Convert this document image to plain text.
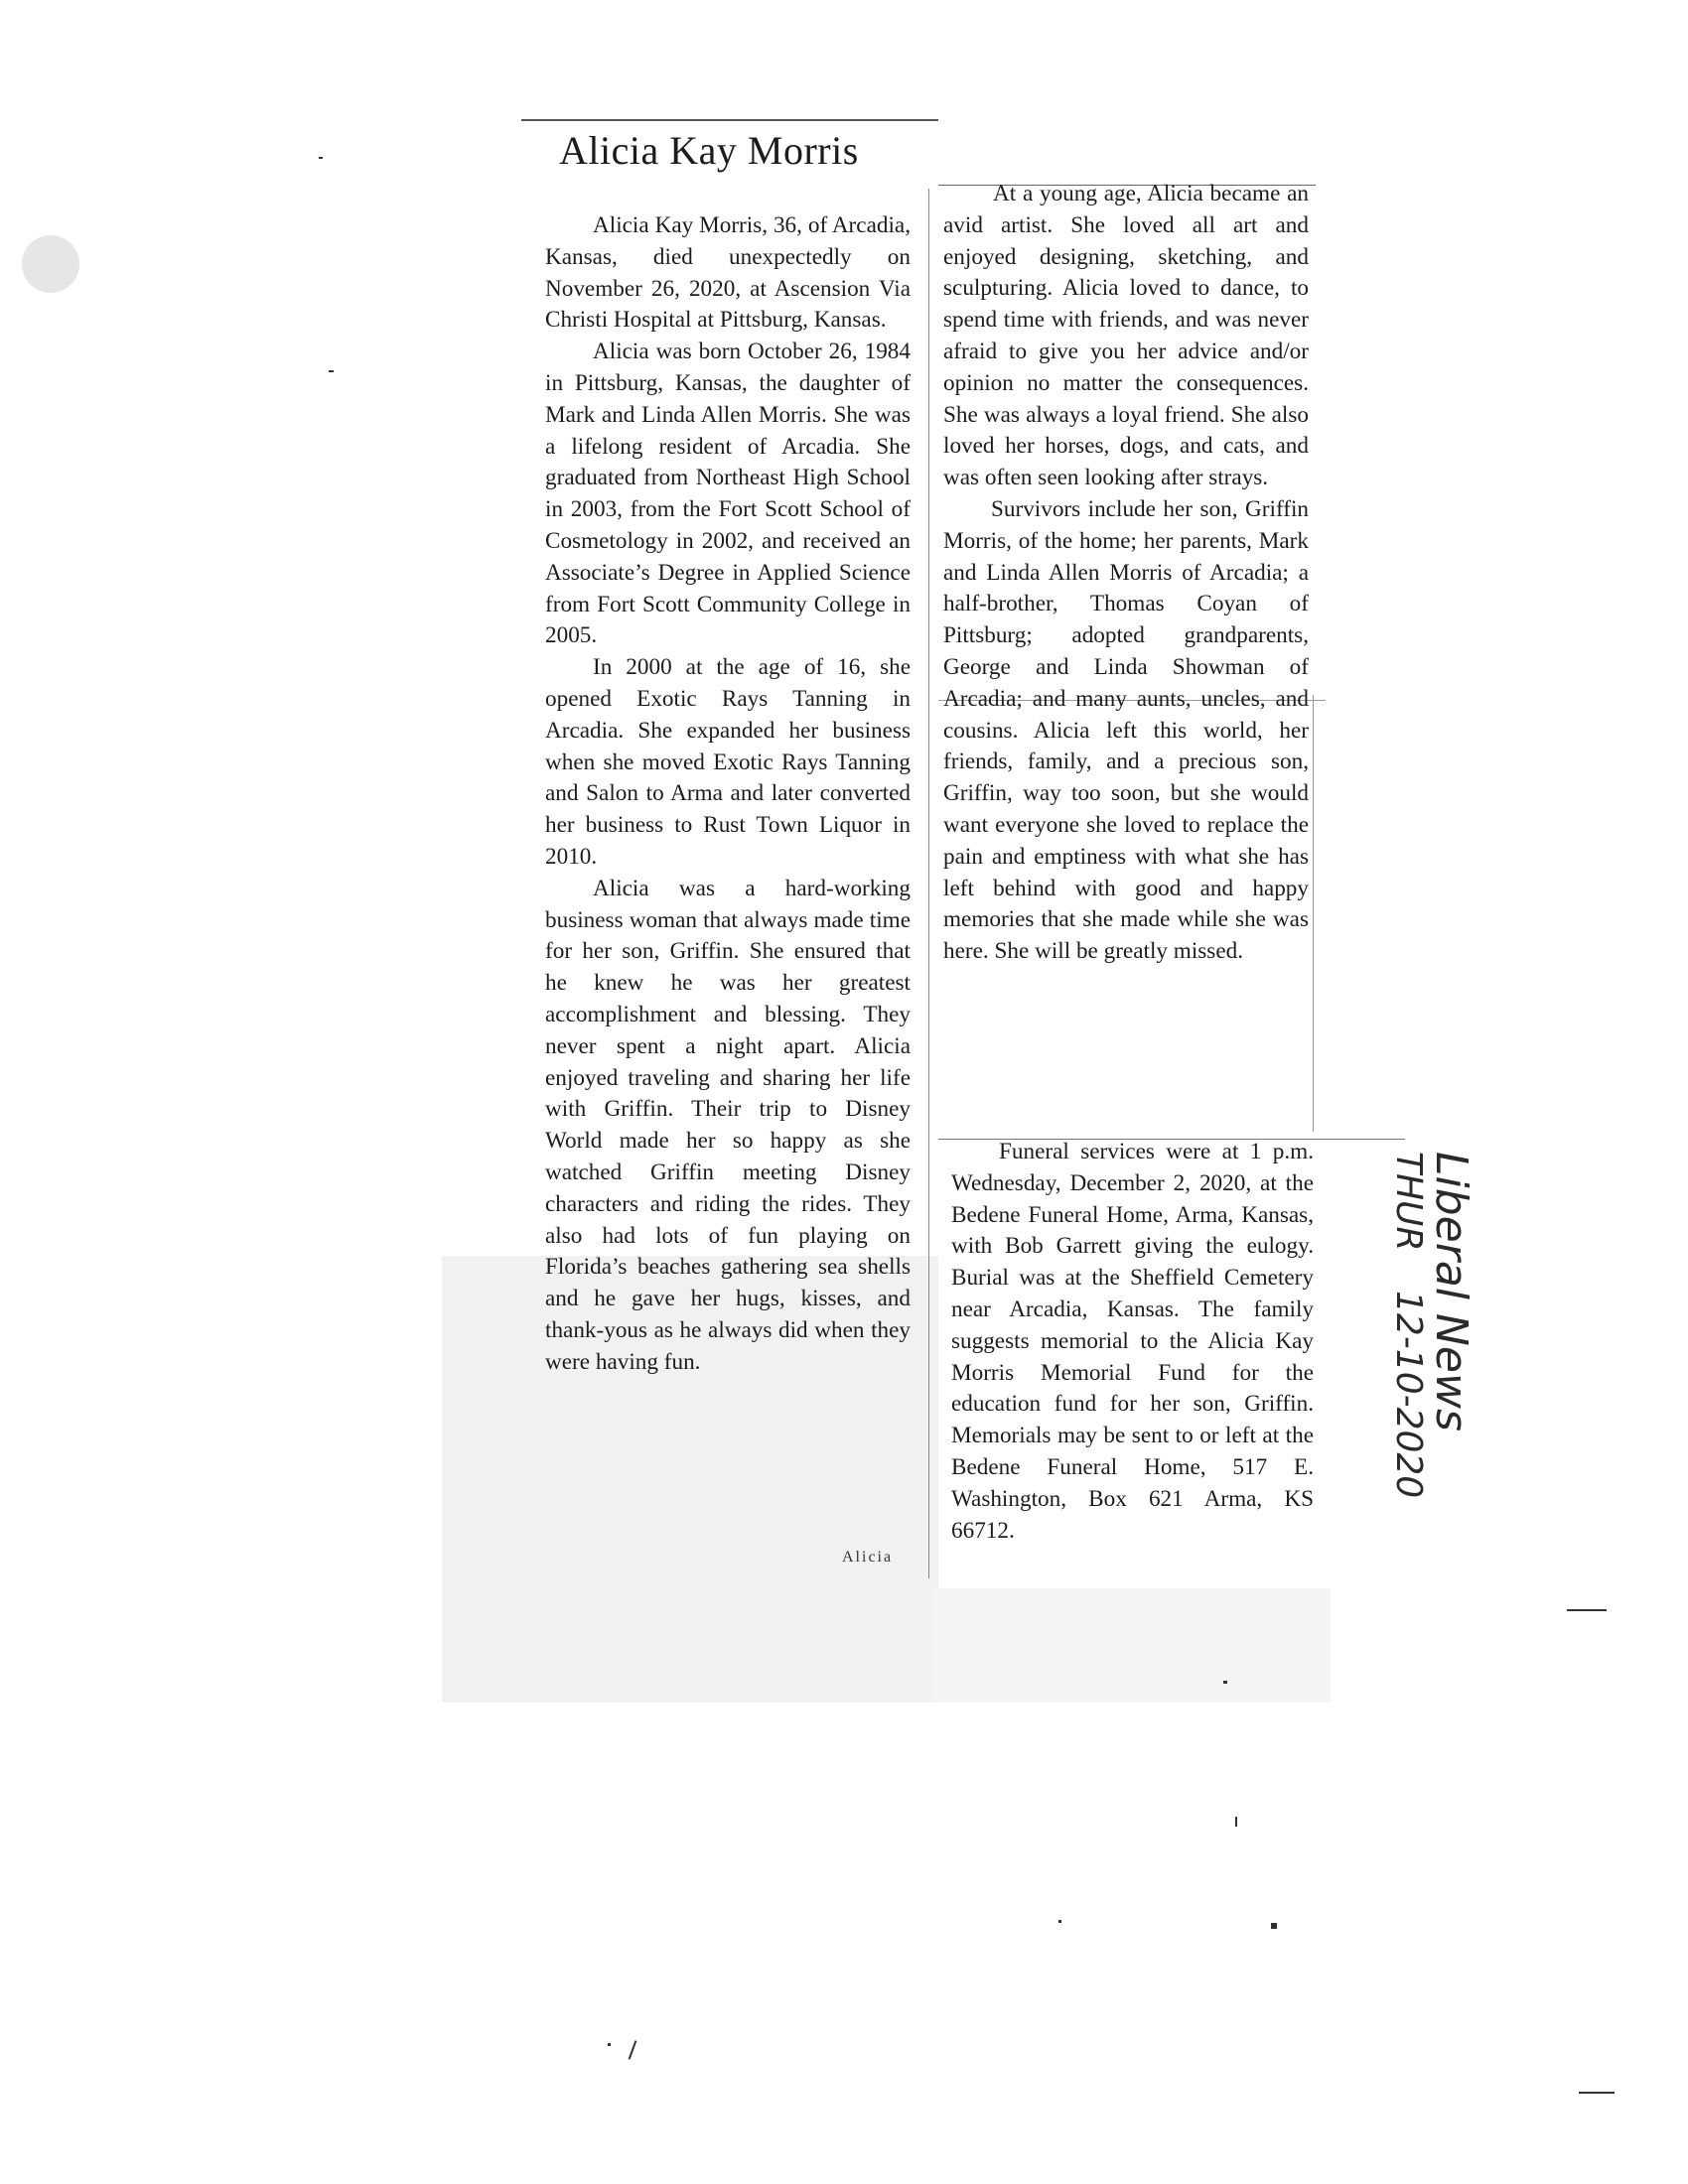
Alicia Kay Morris

Alicia Kay Morris, 36, of Arcadia, Kansas, died unexpectedly on November 26, 2020, at Ascension Via Christi Hospital at Pittsburg, Kansas.

Alicia was born October 26, 1984 in Pittsburg, Kansas, the daughter of Mark and Linda Allen Morris. She was a lifelong resident of Arcadia. She graduated from Northeast High School in 2003, from the Fort Scott School of Cosmetology in 2002, and received an Associate’s Degree in Applied Science from Fort Scott Community College in 2005.

In 2000 at the age of 16, she opened Exotic Rays Tanning in Arcadia. She expanded her business when she moved Exotic Rays Tanning and Salon to Arma and later converted her business to Rust Town Liquor in 2010.

Alicia was a hard-working business woman that always made time for her son, Griffin. She ensured that he knew he was her greatest accomplishment and blessing. They never spent a night apart. Alicia enjoyed traveling and sharing her life with Griffin. Their trip to Disney World made her so happy as she watched Griffin meeting Disney characters and riding the rides. They also had lots of fun playing on Florida’s beaches gathering sea shells and he gave her hugs, kisses, and thank-yous as he always did when they were having fun.

Alicia

At a young age, Alicia became an avid artist. She loved all art and enjoyed designing, sketching, and sculpturing. Alicia loved to dance, to spend time with friends, and was never afraid to give you her advice and/or opinion no matter the consequences. She was always a loyal friend. She also loved her horses, dogs, and cats, and was often seen looking after strays.

Survivors include her son, Griffin Morris, of the home; her parents, Mark and Linda Allen Morris of Arcadia; a half-brother, Thomas Coyan of Pittsburg; adopted grandparents, George and Linda Showman of Arcadia; and many aunts, uncles, and cousins. Alicia left this world, her friends, family, and a precious son, Griffin, way too soon, but she would want everyone she loved to replace the pain and emptiness with what she has left behind with good and happy memories that she made while she was here. She will be greatly missed.

Funeral services were at 1 p.m. Wednesday, December 2, 2020, at the Bedene Funeral Home, Arma, Kansas, with Bob Garrett giving the eulogy. Burial was at the Sheffield Cemetery near Arcadia, Kansas. The family suggests memorial to the Alicia Kay Morris Memorial Fund for the education fund for her son, Griffin. Memorials may be sent to or left at the Bedene Funeral Home, 517 E. Washington, Box 621 Arma, KS 66712.

Liberal News
THUR
12-10-2020
